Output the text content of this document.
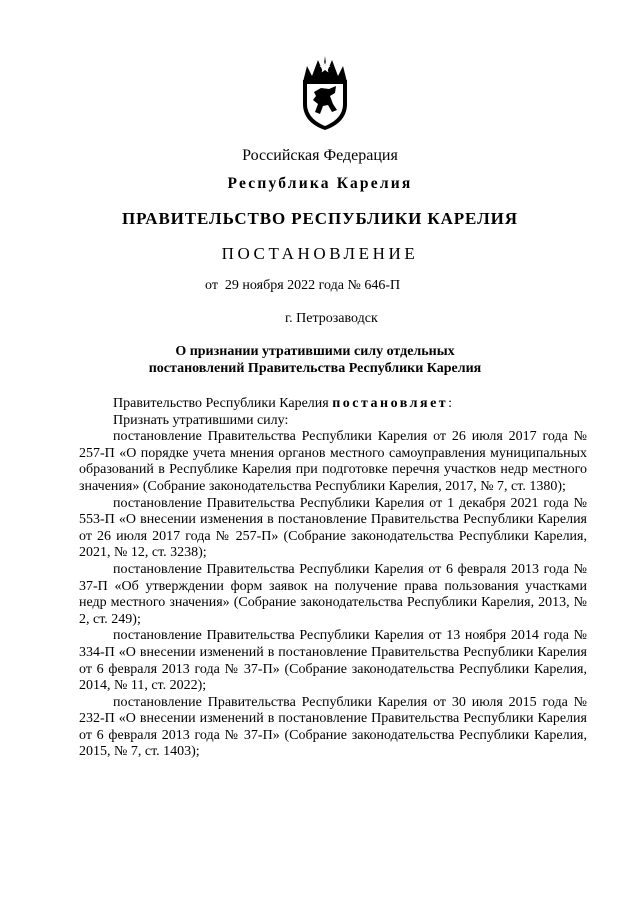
Российская Федерация
Республика Карелия
ПРАВИТЕЛЬСТВО РЕСПУБЛИКИ КАРЕЛИЯ
ПОСТАНОВЛЕНИЕ
от  29 ноября 2022 года № 646-П
г. Петрозаводск
О признании утратившими силу отдельных
постановлений Правительства Республики Карелия

Правительство Республики Карелия постановляет:

Признать утратившими силу:

постановление Правительства Республики Карелия от 26 июля 2017 года № 257-П «О порядке учета мнения органов местного самоуправления муниципальных образований в Республике Карелия при подготовке перечня участков недр местного значения» (Собрание законодательства Республики Карелия, 2017, № 7, ст. 1380);

постановление Правительства Республики Карелия от 1 декабря 2021 года № 553-П «О внесении изменения в постановление Правительства Республики Карелия от 26 июля 2017 года № 257-П» (Собрание законодательства Республики Карелия, 2021, № 12, ст. 3238);

постановление Правительства Республики Карелия от 6 февраля 2013 года № 37-П «Об утверждении форм заявок на получение права пользования участками недр местного значения» (Собрание законодательства Республики Карелия, 2013, № 2, ст. 249);

постановление Правительства Республики Карелия от 13 ноября 2014 года № 334-П «О внесении изменений в постановление Правительства Республики Карелия от 6 февраля 2013 года № 37-П» (Собрание законодательства Республики Карелия, 2014, № 11, ст. 2022);

постановление Правительства Республики Карелия от 30 июля 2015 года № 232-П «О внесении изменений в постановление Правительства Республики Карелия от 6 февраля 2013 года № 37-П» (Собрание законодательства Республики Карелия, 2015, № 7, ст. 1403);
